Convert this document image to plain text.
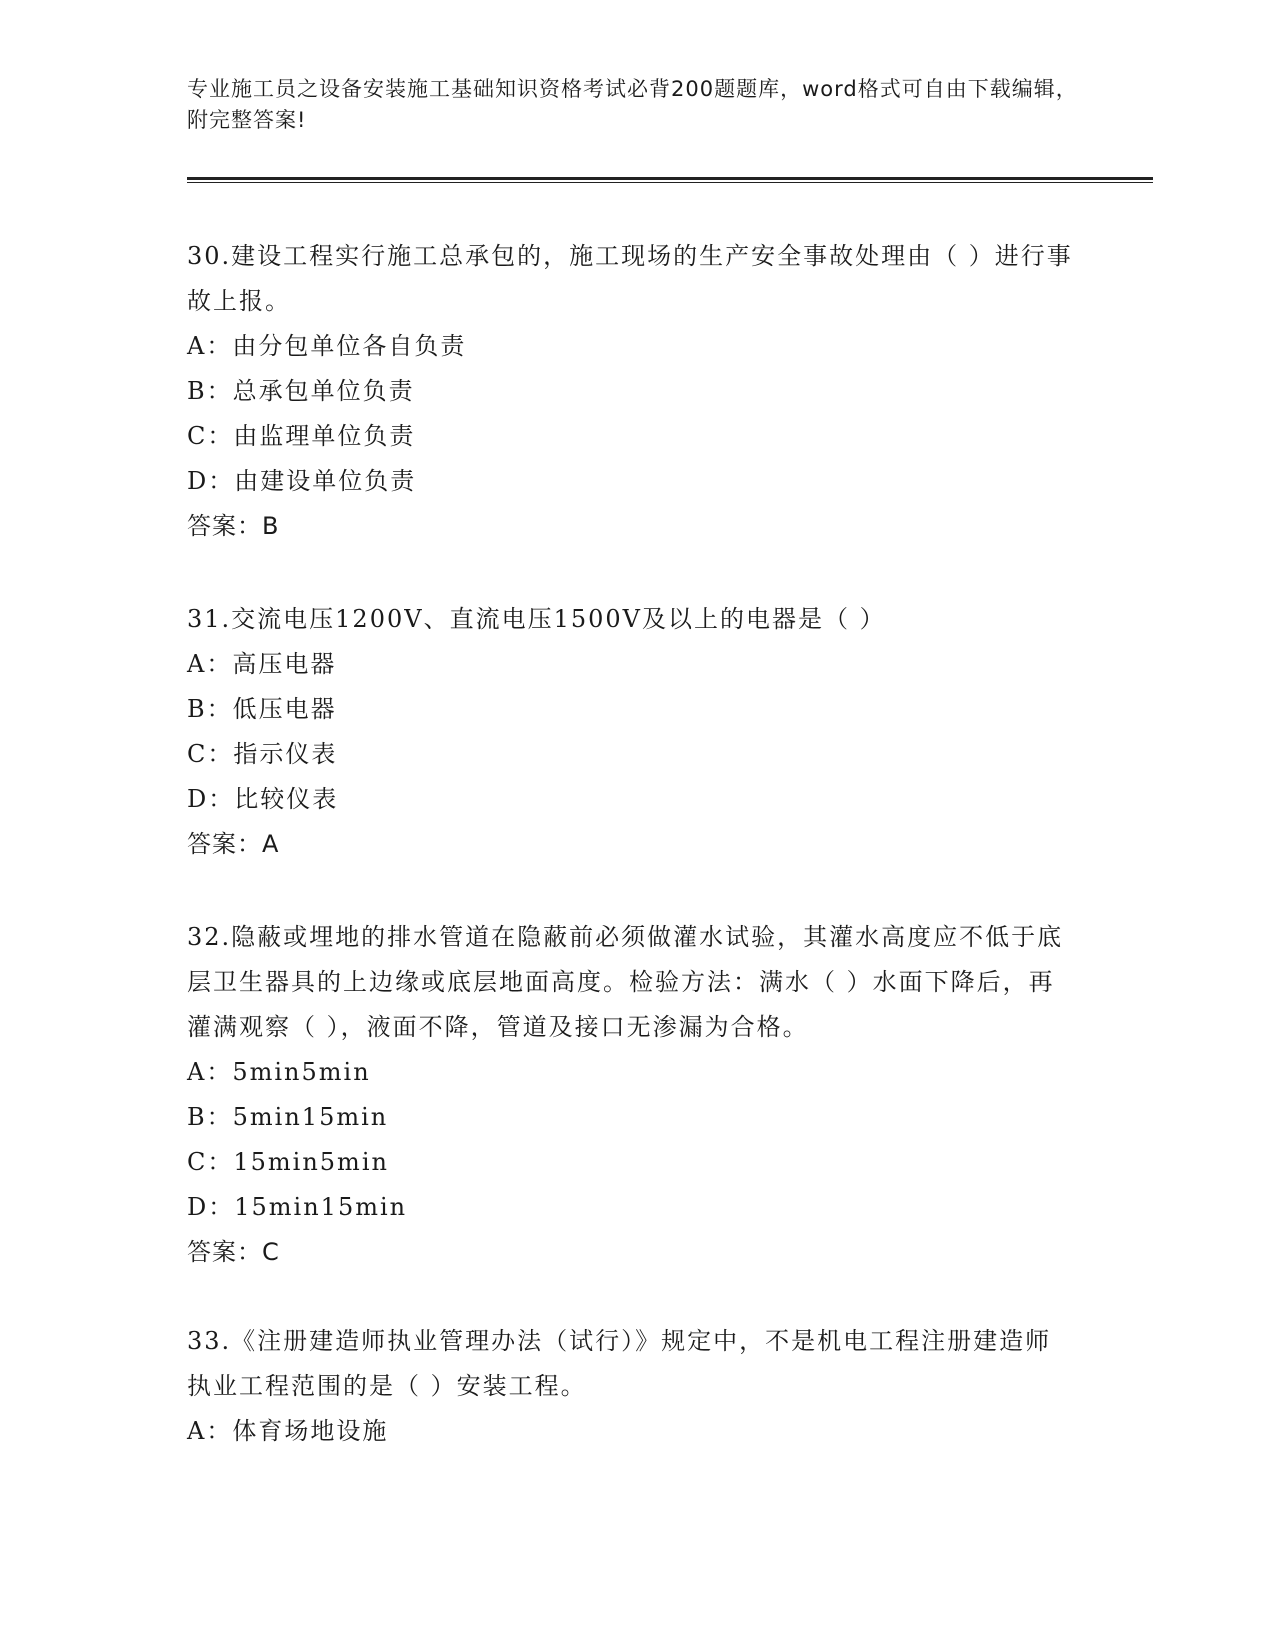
专业施工员之设备安装施工基础知识资格考试必背200题题库，word格式可自由下载编辑，附完整答案!
30.建设工程实行施工总承包的，施工现场的生产安全事故处理由（ ）进行事故上报。
A：由分包单位各自负责
B：总承包单位负责
C：由监理单位负责
D：由建设单位负责
答案：B
31.交流电压1200V、直流电压1500V及以上的电器是（ ）
A：高压电器
B：低压电器
C：指示仪表
D：比较仪表
答案：A
32.隐蔽或埋地的排水管道在隐蔽前必须做灌水试验，其灌水高度应不低于底层卫生器具的上边缘或底层地面高度。检验方法：满水（ ）水面下降后，再灌满观察（ ），液面不降，管道及接口无渗漏为合格。
A：5min5min
B：5min15min
C：15min5min
D：15min15min
答案：C
33.《注册建造师执业管理办法（试行）》规定中，不是机电工程注册建造师执业工程范围的是（ ）安装工程。
A：体育场地设施
